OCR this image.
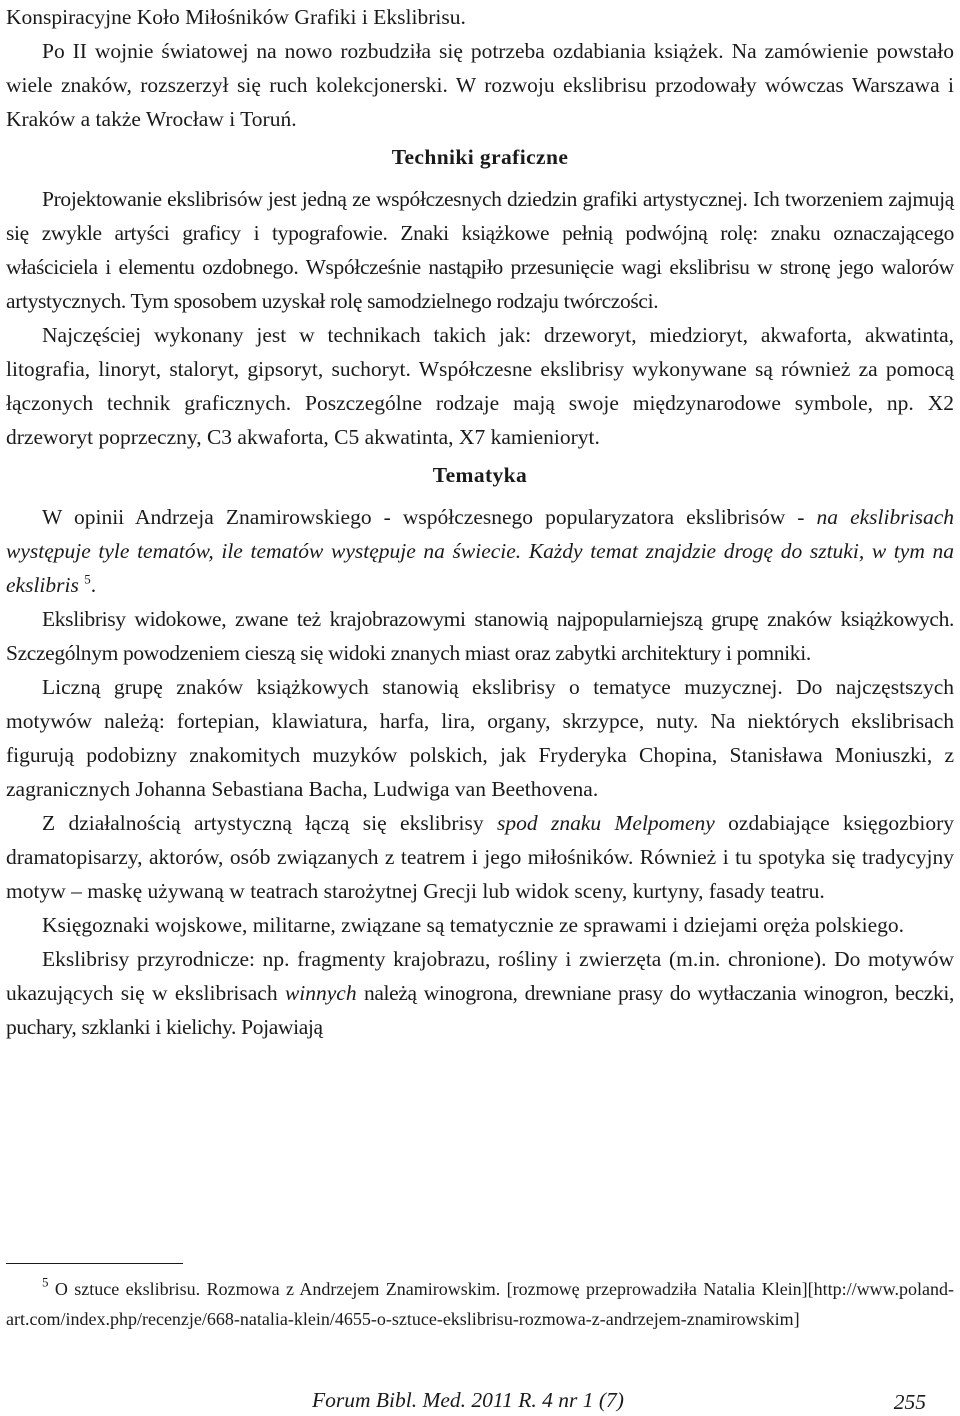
Konspiracyjne Koło Miłośników Grafiki i Ekslibrisu.

Po II wojnie światowej na nowo rozbudziła się potrzeba ozdabiania książek. Na zamówienie powstało wiele znaków, rozszerzył się ruch kolekcjonerski. W rozwoju ekslibrisu przodowały wówczas Warszawa i Kraków a także Wrocław i Toruń.

Techniki graficzne

Projektowanie ekslibrisów jest jedną ze współczesnych dziedzin grafiki artystycznej. Ich tworzeniem zajmują się zwykle artyści graficy i typografowie. Znaki książkowe pełnią podwójną rolę: znaku oznaczającego właściciela i elementu ozdobnego. Współcześnie nastąpiło przesunięcie wagi ekslibrisu w stronę jego walorów artystycznych. Tym sposobem uzyskał rolę samodzielnego rodzaju twórczości.

Najczęściej wykonany jest w technikach takich jak: drzeworyt, miedzioryt, akwaforta, akwatinta, litografia, linoryt, staloryt, gipsoryt, suchoryt. Współczesne ekslibrisy wykonywane są również za pomocą łączonych technik graficznych. Poszczególne rodzaje mają swoje międzynarodowe symbole, np. X2 drzeworyt poprzeczny, C3 akwaforta, C5 akwatinta, X7 kamienioryt.

Tematyka

W opinii Andrzeja Znamirowskiego - współczesnego popularyzatora ekslibrisów - na ekslibrisach występuje tyle tematów, ile tematów występuje na świecie. Każdy temat znajdzie drogę do sztuki, w tym na ekslibris $^5$.

Ekslibrisy widokowe, zwane też krajobrazowymi stanowią najpopularniejszą grupę znaków książkowych. Szczególnym powodzeniem cieszą się widoki znanych miast oraz zabytki architektury i pomniki.

Liczną grupę znaków książkowych stanowią ekslibrisy o tematyce muzycznej. Do najczęstszych motywów należą: fortepian, klawiatura, harfa, lira, organy, skrzypce, nuty. Na niektórych ekslibrisach figurują podobizny znakomitych muzyków polskich, jak Fryderyka Chopina, Stanisława Moniuszki, z zagranicznych Johanna Sebastiana Bacha, Ludwiga van Beethovena.

Z działalnością artystyczną łączą się ekslibrisy spod znaku Melpomeny ozdabiające księgozbiory dramatopisarzy, aktorów, osób związanych z teatrem i jego miłośników. Również i tu spotyka się tradycyjny motyw – maskę używaną w teatrach starożytnej Grecji lub widok sceny, kurtyny, fasady teatru.

Księgoznaki wojskowe, militarne, związane są tematycznie ze sprawami i dziejami oręża polskiego.

Ekslibrisy przyrodnicze: np. fragmenty krajobrazu, rośliny i zwierzęta (m.in. chronione). Do motywów ukazujących się w ekslibrisach winnych należą winogrona, drewniane prasy do wytłaczania winogron, beczki, puchary, szklanki i kielichy. Pojawiają

$^5$ O sztuce ekslibrisu. Rozmowa z Andrzejem Znamirowskim. [rozmowę przeprowadziła Natalia Klein][http://www.poland-art.com/index.php/recenzje/668-natalia-klein/4655-o-sztuce-ekslibrisu-rozmowa-z-andrzejem-znamirowskim]

Forum Bibl. Med. 2011 R. 4 nr 1 (7)	255
